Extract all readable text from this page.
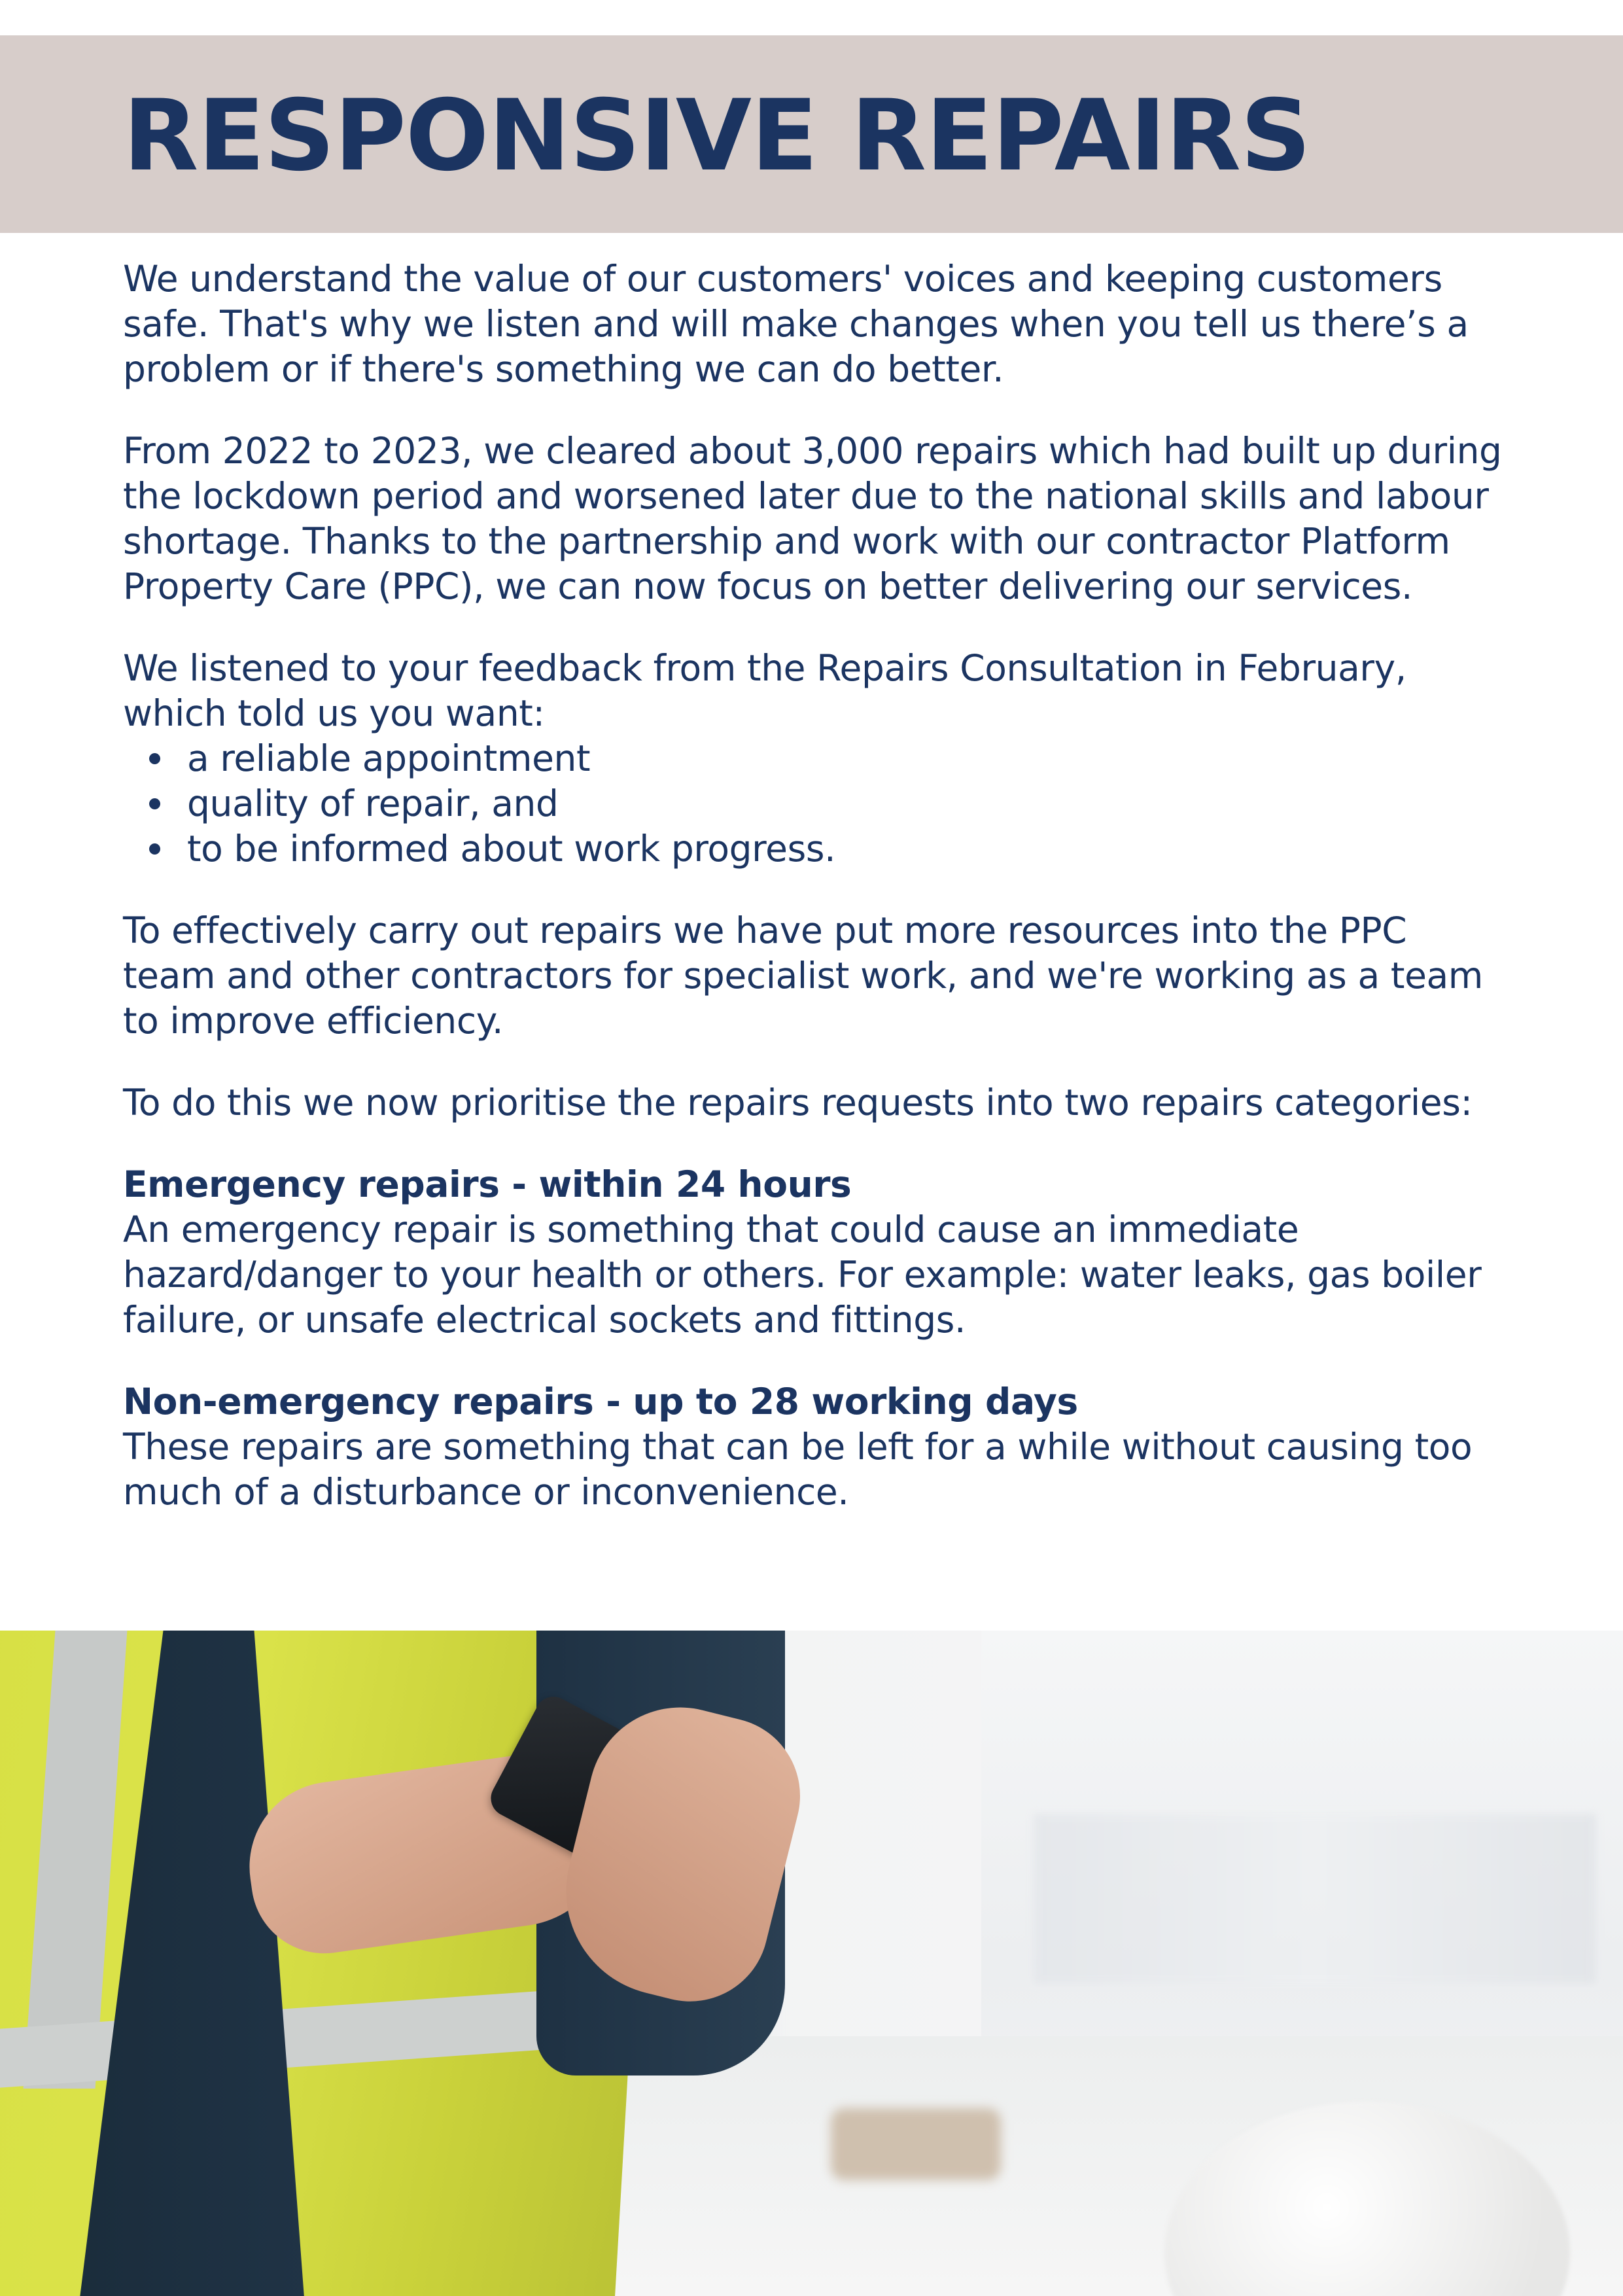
RESPONSIVE REPAIRS

We understand the value of our customers' voices and keeping customers safe. That's why we listen and will make changes when you tell us there’s a problem or if there's something we can do better.

From 2022 to 2023, we cleared about 3,000 repairs which had built up during the lockdown period and worsened later due to the national skills and labour shortage. Thanks to the partnership and work with our contractor Platform Property Care (PPC), we can now focus on better delivering our services.

We listened to your feedback from the Repairs Consultation in February, which told us you want:

a reliable appointment
quality of repair, and
to be informed about work progress.

To effectively carry out repairs we have put more resources into the PPC team and other contractors for specialist work, and we're working as a team to improve efficiency.

To do this we now prioritise the repairs requests into two repairs categories:

Emergency repairs - within 24 hours
An emergency repair is something that could cause an immediate hazard/danger to your health or others. For example: water leaks, gas boiler failure, or unsafe electrical sockets and fittings.
Non-emergency repairs - up to 28 working days
These repairs are something that can be left for a while without causing too much of a disturbance or inconvenience.
